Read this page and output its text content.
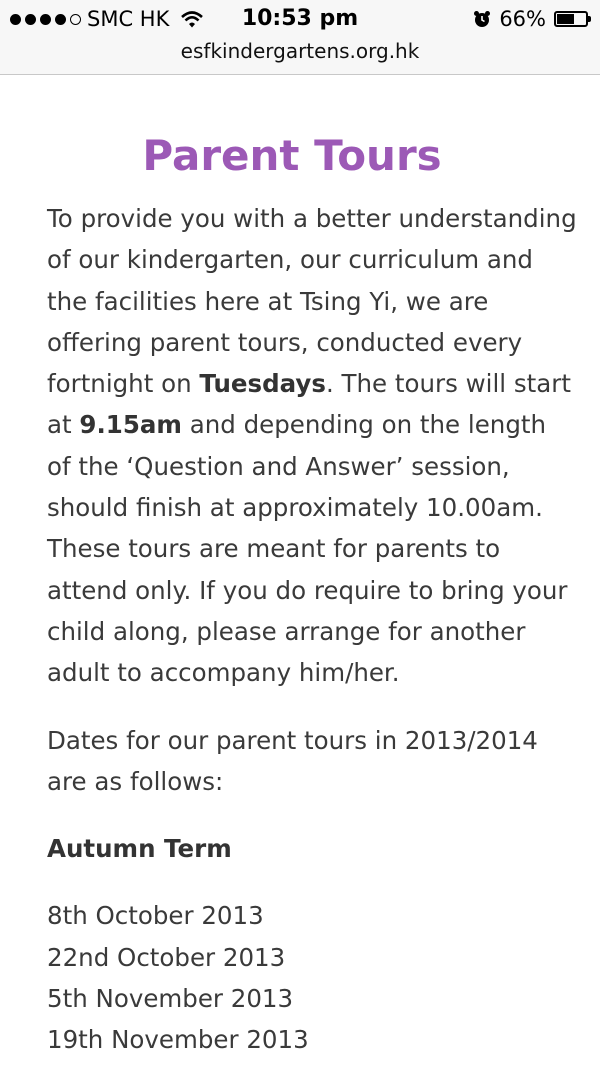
SMC HK	10:53 pm	66%
esfkindergartens.org.hk
Parent Tours

To provide you with a better understanding of our kindergarten, our curriculum and the facilities here at Tsing Yi, we are offering parent tours, conducted every fortnight on Tuesdays. The tours will start at 9.15am and depending on the length of the ‘Question and Answer’ session, should finish at approximately 10.00am. These tours are meant for parents to attend only. If you do require to bring your child along, please arrange for another adult to accompany him/her.

Dates for our parent tours in 2013/2014 are as follows:

Autumn Term

8th October 2013
22nd October 2013
5th November 2013
19th November 2013
